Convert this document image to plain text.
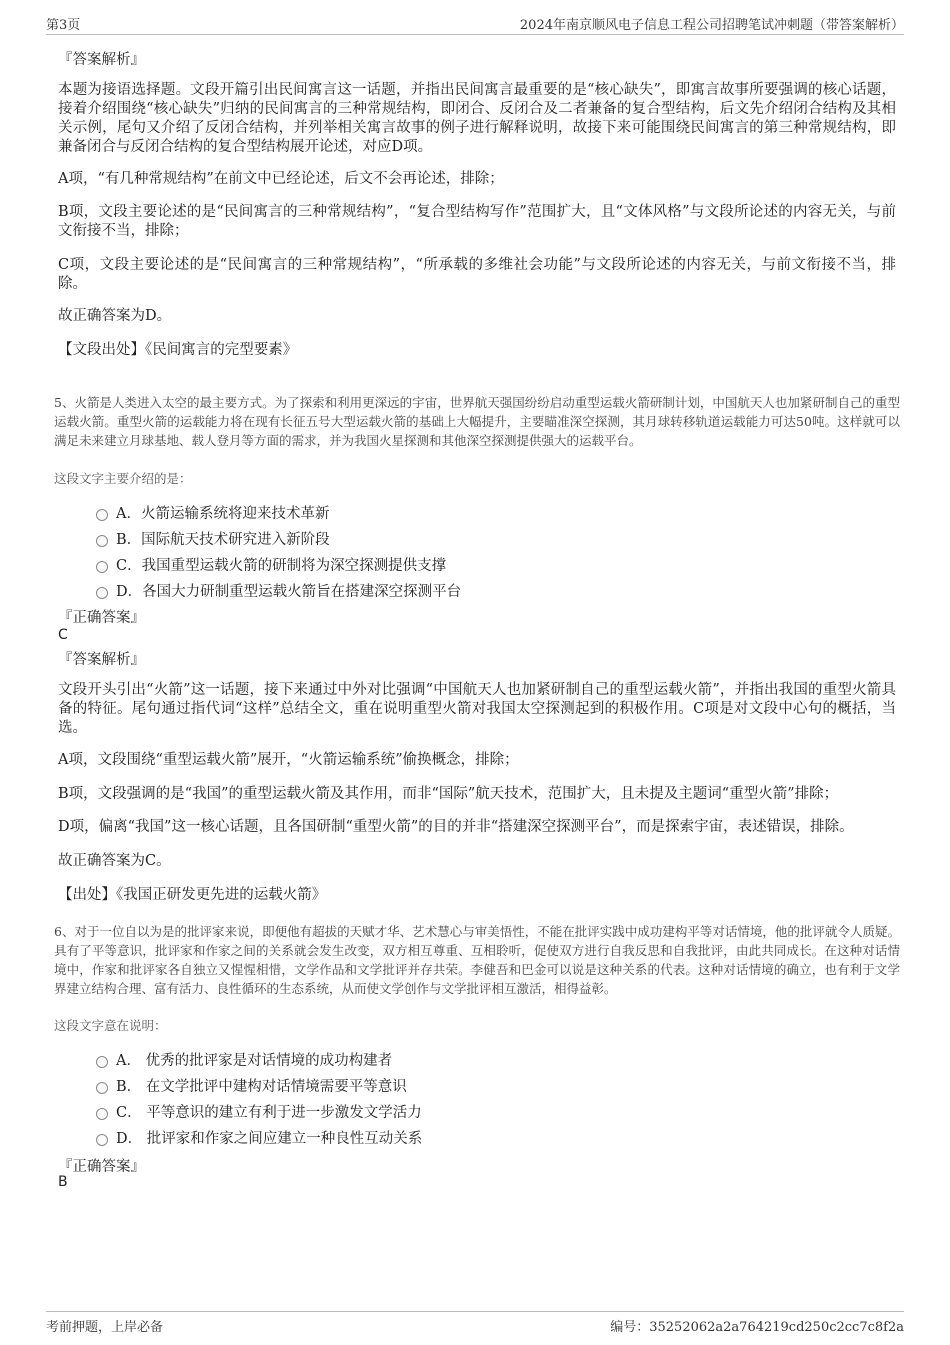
第3页	2024年南京顺风电子信息工程公司招聘笔试冲刺题（带答案解析）
『答案解析』
本题为接语选择题。文段开篇引出民间寓言这一话题，并指出民间寓言最重要的是“核心缺失”，即寓言故事所要强调的核心话题，接着介绍围绕“核心缺失”归纳的民间寓言的三种常规结构，即闭合、反闭合及二者兼备的复合型结构，后文先介绍闭合结构及其相关示例，尾句又介绍了反闭合结构，并列举相关寓言故事的例子进行解释说明，故接下来可能围绕民间寓言的第三种常规结构，即兼备闭合与反闭合结构的复合型结构展开论述，对应D项。
A项，“有几种常规结构”在前文中已经论述，后文不会再论述，排除；
B项，文段主要论述的是“民间寓言的三种常规结构”，“复合型结构写作”范围扩大，且“文体风格”与文段所论述的内容无关，与前文衔接不当，排除；
C项，文段主要论述的是“民间寓言的三种常规结构”，“所承载的多维社会功能”与文段所论述的内容无关，与前文衔接不当，排除。
故正确答案为D。
【文段出处】《民间寓言的完型要素》
5、火箭是人类进入太空的最主要方式。为了探索和利用更深远的宇宙，世界航天强国纷纷启动重型运载火箭研制计划，中国航天人也加紧研制自己的重型运载火箭。重型火箭的运载能力将在现有长征五号大型运载火箭的基础上大幅提升，主要瞄准深空探测，其月球转移轨道运载能力可达50吨。这样就可以满足未来建立月球基地、载人登月等方面的需求，并为我国火星探测和其他深空探测提供强大的运载平台。
这段文字主要介绍的是：
A．火箭运输系统将迎来技术革新
B．国际航天技术研究进入新阶段
C．我国重型运载火箭的研制将为深空探测提供支撑
D．各国大力研制重型运载火箭旨在搭建深空探测平台
『正确答案』
C
『答案解析』
文段开头引出“火箭”这一话题，接下来通过中外对比强调“中国航天人也加紧研制自己的重型运载火箭”，并指出我国的重型火箭具备的特征。尾句通过指代词“这样”总结全文，重在说明重型火箭对我国太空探测起到的积极作用。C项是对文段中心句的概括，当选。
A项，文段围绕“重型运载火箭”展开，“火箭运输系统”偷换概念，排除；
B项，文段强调的是“我国”的重型运载火箭及其作用，而非“国际”航天技术，范围扩大，且未提及主题词“重型火箭”排除；
D项，偏离“我国”这一核心话题，且各国研制“重型火箭”的目的并非“搭建深空探测平台”，而是探索宇宙，表述错误，排除。
故正确答案为C。
【出处】《我国正研发更先进的运载火箭》
6、对于一位自以为是的批评家来说，即便他有超拔的天赋才华、艺术慧心与审美悟性，不能在批评实践中成功建构平等对话情境，他的批评就令人质疑。具有了平等意识，批评家和作家之间的关系就会发生改变，双方相互尊重、互相聆听，促使双方进行自我反思和自我批评，由此共同成长。在这种对话情境中，作家和批评家各自独立又惺惺相惜，文学作品和文学批评并存共荣。李健吾和巴金可以说是这种关系的代表。这种对话情境的确立，也有利于文学界建立结构合理、富有活力、良性循环的生态系统，从而使文学创作与文学批评相互激活，相得益彰。
这段文字意在说明：
A． 优秀的批评家是对话情境的成功构建者
B． 在文学批评中建构对话情境需要平等意识
C． 平等意识的建立有利于进一步激发文学活力
D． 批评家和作家之间应建立一种良性互动关系
『正确答案』
B
考前押题，上岸必备	编号：35252062a2a764219cd250c2cc7c8f2a
